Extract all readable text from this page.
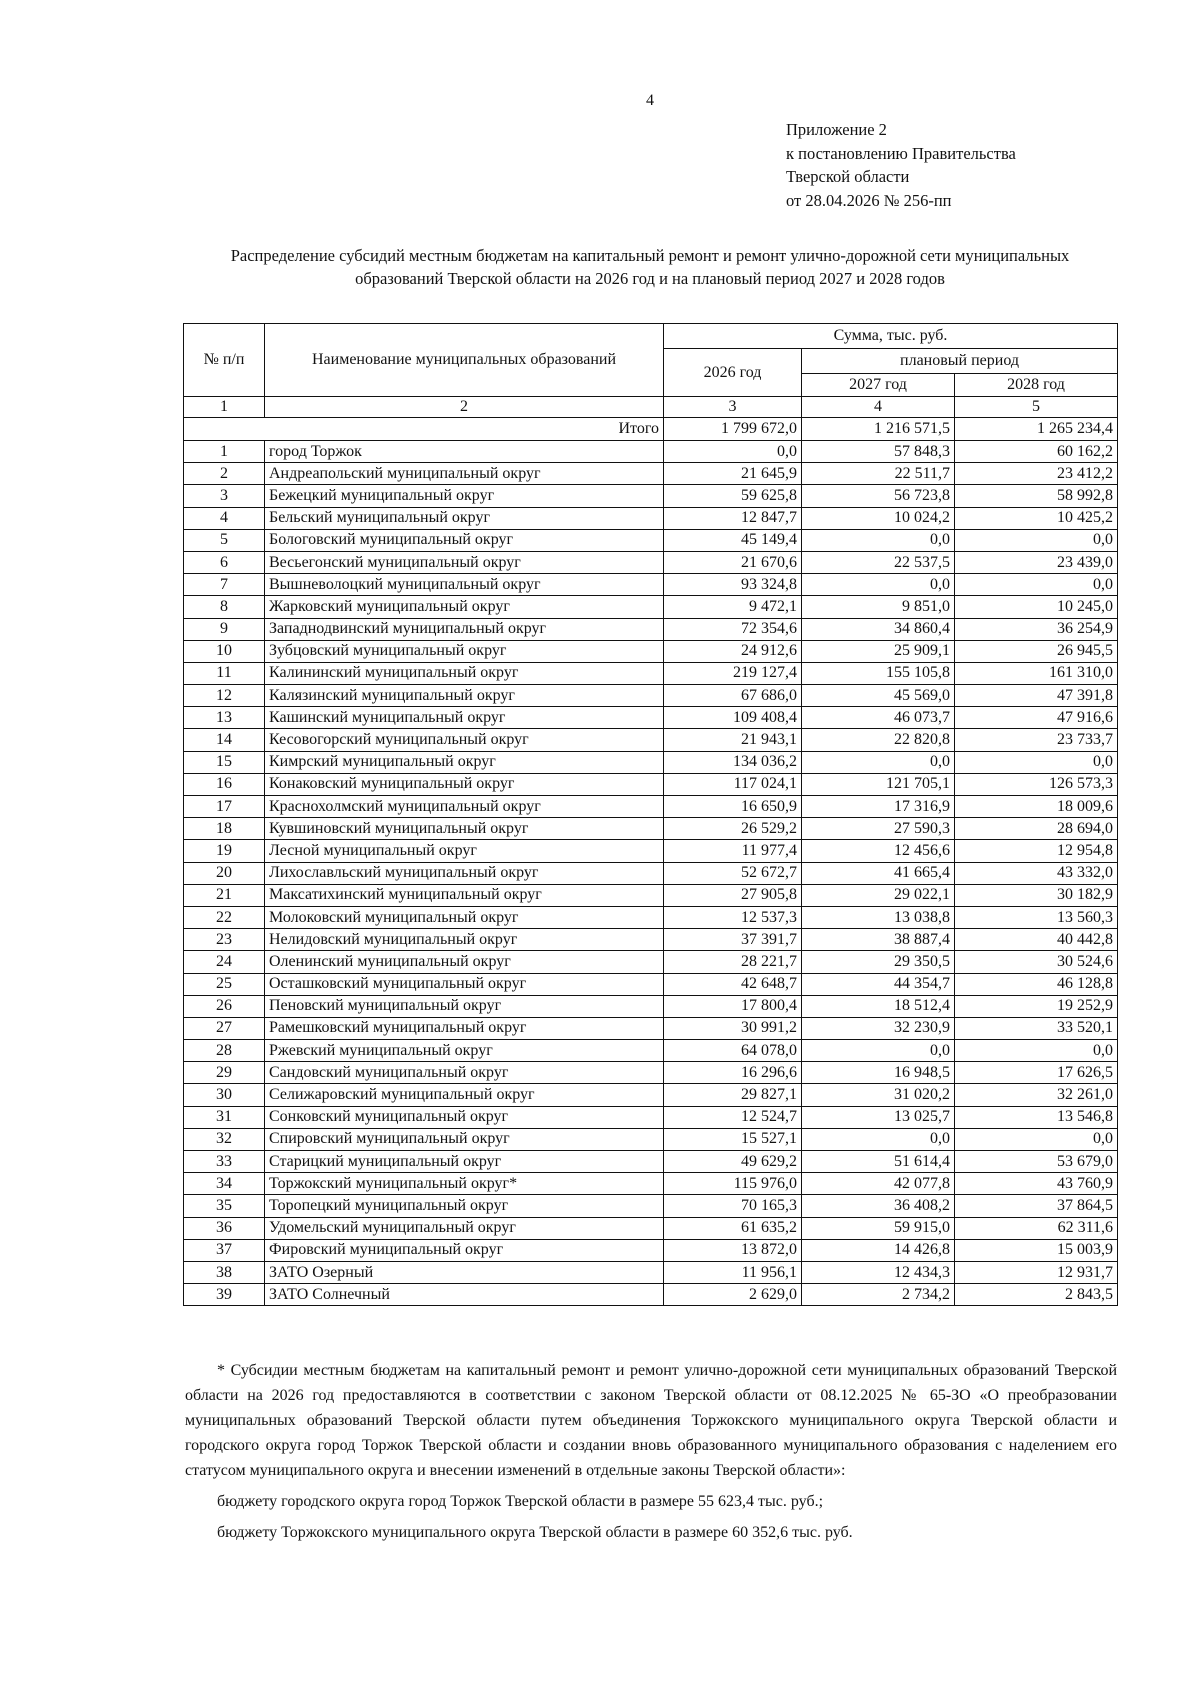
4
Приложение 2
к постановлению Правительства
Тверской области
от 28.04.2026 № 256-пп
Распределение субсидий местным бюджетам на капитальный ремонт и ремонт улично-дорожной сети муниципальных
образований Тверской области на 2026 год и на плановый период 2027 и 2028 годов
№ п/п	Наименование муниципальных образований	Сумма, тыс. руб.		
		2026 год	плановый период	
			2027 год	2028 год
1	2	3	4	5
Итого		1 799 672,0	1 216 571,5	1 265 234,4
1	город Торжок	0,0	57 848,3	60 162,2
2	Андреапольский муниципальный округ	21 645,9	22 511,7	23 412,2
3	Бежецкий муниципальный округ	59 625,8	56 723,8	58 992,8
4	Бельский муниципальный округ	12 847,7	10 024,2	10 425,2
5	Бологовский муниципальный округ	45 149,4	0,0	0,0
6	Весьегонский муниципальный округ	21 670,6	22 537,5	23 439,0
7	Вышневолоцкий муниципальный округ	93 324,8	0,0	0,0
8	Жарковский муниципальный округ	9 472,1	9 851,0	10 245,0
9	Западнодвинский муниципальный округ	72 354,6	34 860,4	36 254,9
10	Зубцовский муниципальный округ	24 912,6	25 909,1	26 945,5
11	Калининский муниципальный округ	219 127,4	155 105,8	161 310,0
12	Калязинский муниципальный округ	67 686,0	45 569,0	47 391,8
13	Кашинский муниципальный округ	109 408,4	46 073,7	47 916,6
14	Кесовогорский муниципальный округ	21 943,1	22 820,8	23 733,7
15	Кимрский муниципальный округ	134 036,2	0,0	0,0
16	Конаковский муниципальный округ	117 024,1	121 705,1	126 573,3
17	Краснохолмский муниципальный округ	16 650,9	17 316,9	18 009,6
18	Кувшиновский муниципальный округ	26 529,2	27 590,3	28 694,0
19	Лесной муниципальный округ	11 977,4	12 456,6	12 954,8
20	Лихославльский муниципальный округ	52 672,7	41 665,4	43 332,0
21	Максатихинский муниципальный округ	27 905,8	29 022,1	30 182,9
22	Молоковский муниципальный округ	12 537,3	13 038,8	13 560,3
23	Нелидовский муниципальный округ	37 391,7	38 887,4	40 442,8
24	Оленинский муниципальный округ	28 221,7	29 350,5	30 524,6
25	Осташковский муниципальный округ	42 648,7	44 354,7	46 128,8
26	Пеновский муниципальный округ	17 800,4	18 512,4	19 252,9
27	Рамешковский муниципальный округ	30 991,2	32 230,9	33 520,1
28	Ржевский муниципальный округ	64 078,0	0,0	0,0
29	Сандовский муниципальный округ	16 296,6	16 948,5	17 626,5
30	Селижаровский муниципальный округ	29 827,1	31 020,2	32 261,0
31	Сонковский муниципальный округ	12 524,7	13 025,7	13 546,8
32	Спировский муниципальный округ	15 527,1	0,0	0,0
33	Старицкий муниципальный округ	49 629,2	51 614,4	53 679,0
34	Торжокский муниципальный округ*	115 976,0	42 077,8	43 760,9
35	Торопецкий муниципальный округ	70 165,3	36 408,2	37 864,5
36	Удомельский муниципальный округ	61 635,2	59 915,0	62 311,6
37	Фировский муниципальный округ	13 872,0	14 426,8	15 003,9
38	ЗАТО Озерный	11 956,1	12 434,3	12 931,7
39	ЗАТО Солнечный	2 629,0	2 734,2	2 843,5

* Субсидии местным бюджетам на капитальный ремонт и ремонт улично-дорожной сети муниципальных образований Тверской области на 2026 год предоставляются в соответствии с законом Тверской области от 08.12.2025 № 65-ЗО «О преобразовании муниципальных образований Тверской области путем объединения Торжокского муниципального округа Тверской области и городского округа город Торжок Тверской области и создании вновь образованного муниципального образования с наделением его статусом муниципального округа и внесении изменений в отдельные законы Тверской области»:

бюджету городского округа город Торжок Тверской области в размере 55 623,4 тыс. руб.;

бюджету Торжокского муниципального округа Тверской области в размере 60 352,6 тыс. руб.
